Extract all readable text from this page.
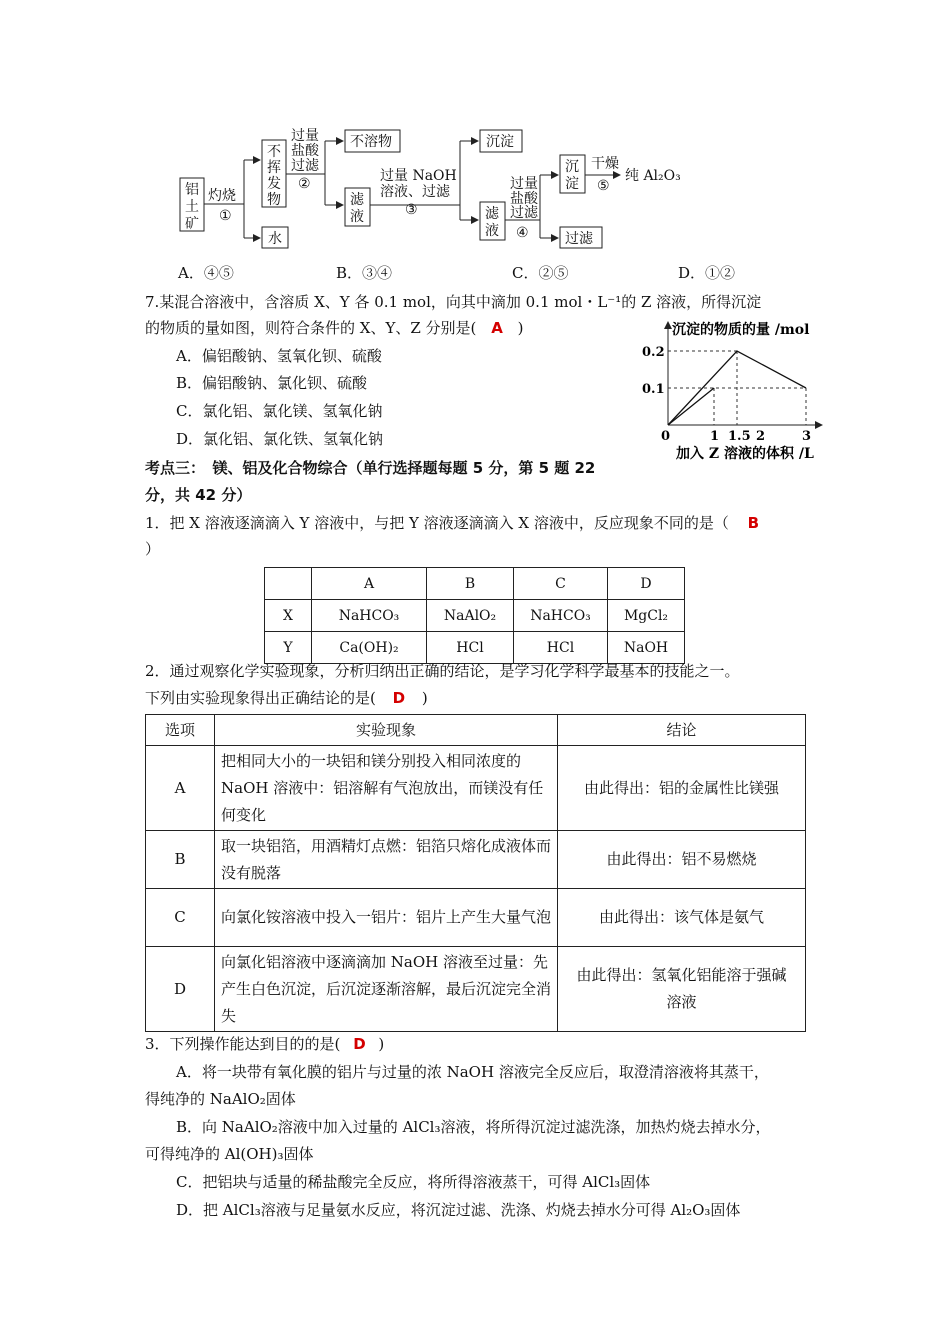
铝
土
矿
灼烧
①
不
挥
发
物
水
过量
盐酸
过滤
②
不溶物
滤
液
过量 NaOH
溶液、过滤
③
沉淀
滤
液
过量
盐酸
过滤
④
沉
淀
过滤
干燥
⑤
纯 Al₂O₃
A．④⑤	B．③④	C．②⑤	D．①②
7.某混合溶液中，含溶质 X、Y 各 0.1 mol，向其中滴加 0.1 mol・L⁻¹的 Z 溶液，所得沉淀
的物质的量如图，则符合条件的 X、Y、Z 分别是( A )
A．偏铝酸钠、氢氧化钡、硫酸
B．偏铝酸钠、氯化钡、硫酸
C．氯化铝、氯化镁、氢氧化钠
D．氯化铝、氯化铁、氢氧化钠	1 1.5 2	3
0.2
0.1
沉淀的物质的量 /mol
加入 Z 溶液的体积 /L
0
考点三：　镁、铝及化合物综合（单行选择题每题 5 分，第 5 题 22
分，共 42 分）
1．把 X 溶液逐滴滴入 Y 溶液中，与把 Y 溶液逐滴滴入 X 溶液中，反应现象不同的是（ B
）
	A	B	C	D
X	NaHCO₃	NaAlO₂	NaHCO₃	MgCl₂
Y	Ca(OH)₂	HCl	HCl	NaOH
2．通过观察化学实验现象，分析归纳出正确的结论，是学习化学科学最基本的技能之一。
下列由实验现象得出正确结论的是( D )
选项	实验现象	结论
A	把相同大小的一块铝和镁分别投入相同浓度的 NaOH 溶液中：铝溶解有气泡放出，而镁没有任何变化	由此得出：铝的金属性比镁强
B	取一块铝箔，用酒精灯点燃：铝箔只熔化成液体而没有脱落	由此得出：铝不易燃烧
C	向氯化铵溶液中投入一铝片：铝片上产生大量气泡	由此得出：该气体是氨气
D	向氯化铝溶液中逐滴滴加 NaOH 溶液至过量：先产生白色沉淀，后沉淀逐渐溶解，最后沉淀完全消失	由此得出：氢氧化铝能溶于强碱溶液
3．下列操作能达到目的的是( D )
A．将一块带有氧化膜的铝片与过量的浓 NaOH 溶液完全反应后，取澄清溶液将其蒸干，
得纯净的 NaAlO₂固体
B．向 NaAlO₂溶液中加入过量的 AlCl₃溶液，将所得沉淀过滤洗涤，加热灼烧去掉水分，
可得纯净的 Al(OH)₃固体
C．把铝块与适量的稀盐酸完全反应，将所得溶液蒸干，可得 AlCl₃固体
D．把 AlCl₃溶液与足量氨水反应，将沉淀过滤、洗涤、灼烧去掉水分可得 Al₂O₃固体
